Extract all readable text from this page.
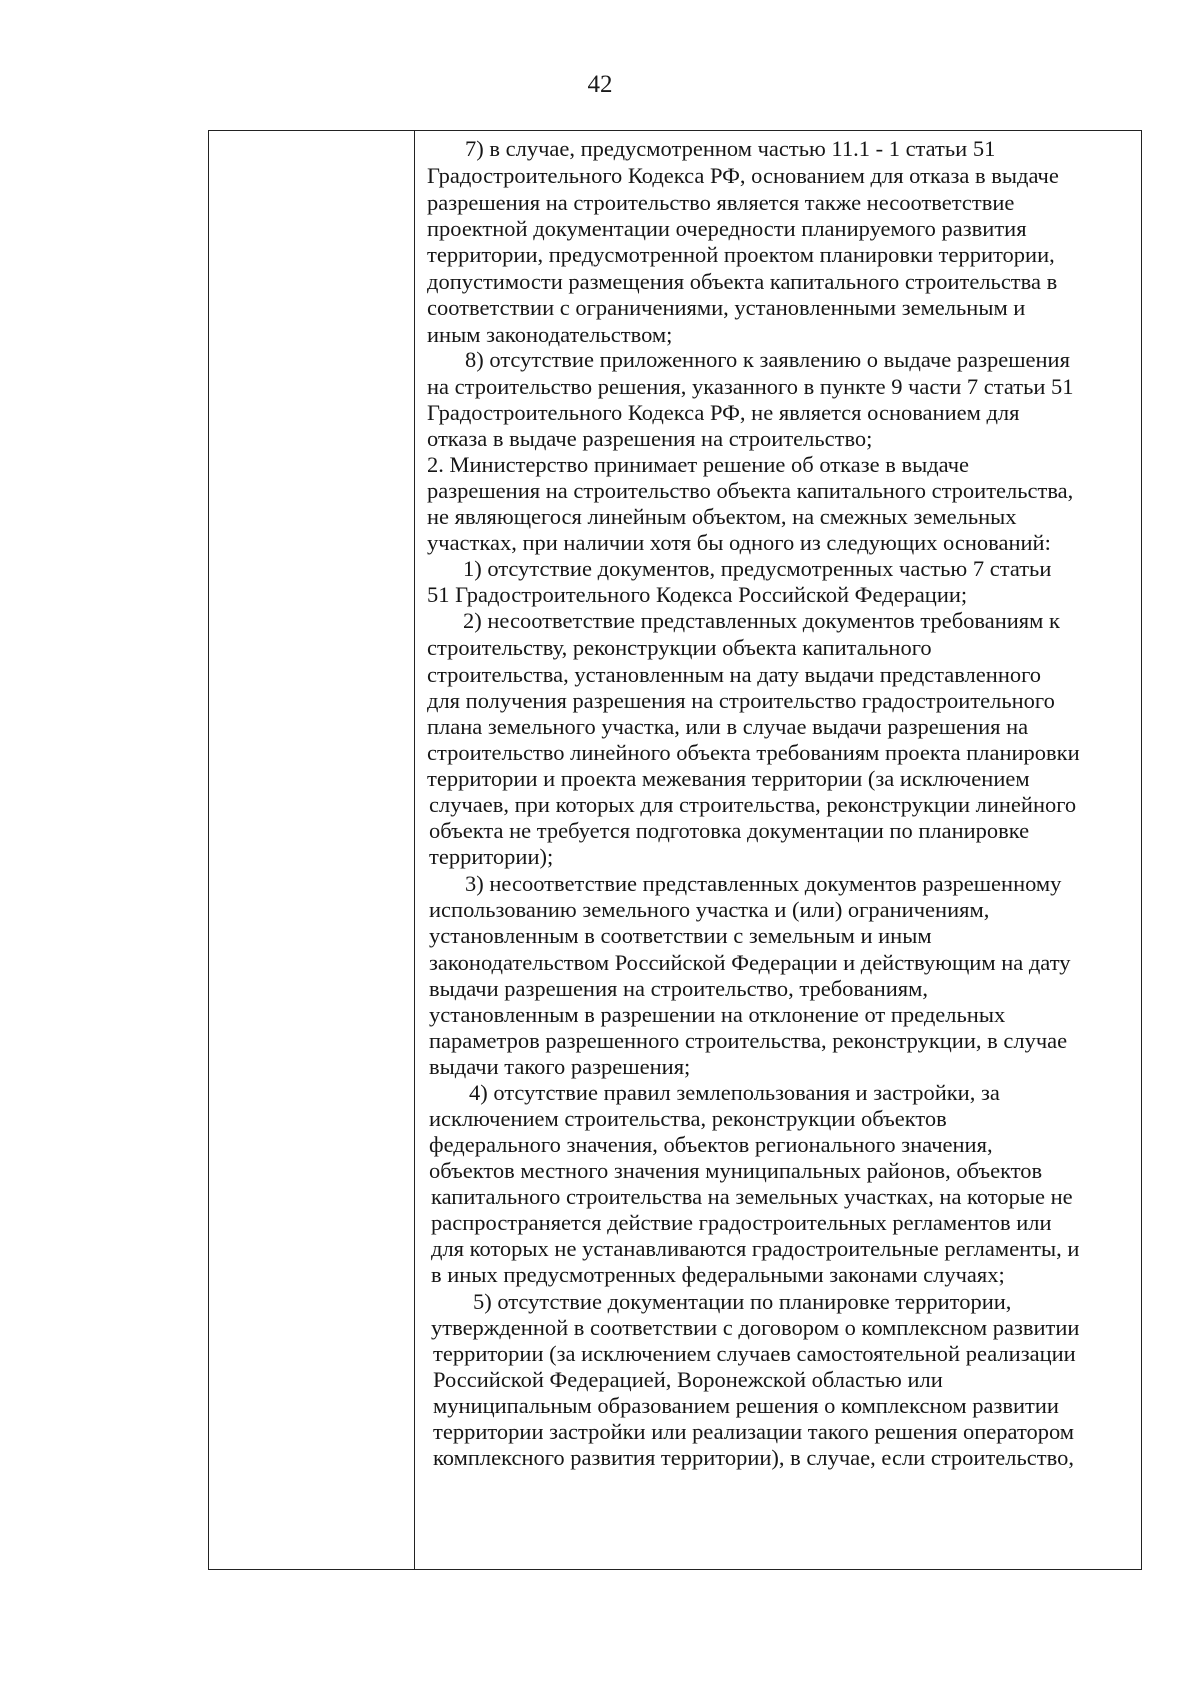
42
7) в случае, предусмотренном частью 11.1 - 1 статьи 51
Градостроительного Кодекса РФ, основанием для отказа в выдаче
разрешения на строительство является также несоответствие
проектной документации очередности планируемого развития
территории, предусмотренной проектом планировки территории,
допустимости размещения объекта капитального строительства в
соответствии с ограничениями, установленными земельным и
иным законодательством;
8) отсутствие приложенного к заявлению о выдаче разрешения
на строительство решения, указанного в пункте 9 части 7 статьи 51
Градостроительного Кодекса РФ, не является основанием для
отказа в выдаче разрешения на строительство;
2. Министерство принимает решение об отказе в выдаче
разрешения на строительство объекта капитального строительства,
не являющегося линейным объектом, на смежных земельных
участках, при наличии хотя бы одного из следующих оснований:
1) отсутствие документов, предусмотренных частью 7 статьи
51 Градостроительного Кодекса Российской Федерации;
2) несоответствие представленных документов требованиям к
строительству, реконструкции объекта капитального
строительства, установленным на дату выдачи представленного
для получения разрешения на строительство градостроительного
плана земельного участка, или в случае выдачи разрешения на
строительство линейного объекта требованиям проекта планировки
территории и проекта межевания территории (за исключением
случаев, при которых для строительства, реконструкции линейного
объекта не требуется подготовка документации по планировке
территории);
3) несоответствие представленных документов разрешенному
использованию земельного участка и (или) ограничениям,
установленным в соответствии с земельным и иным
законодательством Российской Федерации и действующим на дату
выдачи разрешения на строительство, требованиям,
установленным в разрешении на отклонение от предельных
параметров разрешенного строительства, реконструкции, в случае
выдачи такого разрешения;
4) отсутствие правил землепользования и застройки, за
исключением строительства, реконструкции объектов
федерального значения, объектов регионального значения,
объектов местного значения муниципальных районов, объектов
капитального строительства на земельных участках, на которые не
распространяется действие градостроительных регламентов или
для которых не устанавливаются градостроительные регламенты, и
в иных предусмотренных федеральными законами случаях;
5) отсутствие документации по планировке территории,
утвержденной в соответствии с договором о комплексном развитии
территории (за исключением случаев самостоятельной реализации
Российской Федерацией, Воронежской областью или
муниципальным образованием решения о комплексном развитии
территории застройки или реализации такого решения оператором
комплексного развития территории), в случае, если строительство,
